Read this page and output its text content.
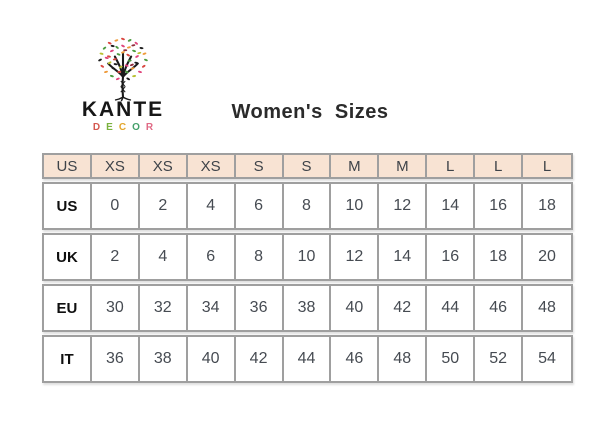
KANTE
DECOR
Women's  Sizes
US	XS	XS	XS	S	S	M	M	L	L	L
US	0	2	4	6	8	10	12	14	16	18
UK	2	4	6	8	10	12	14	16	18	20
EU	30	32	34	36	38	40	42	44	46	48
IT	36	38	40	42	44	46	48	50	52	54
